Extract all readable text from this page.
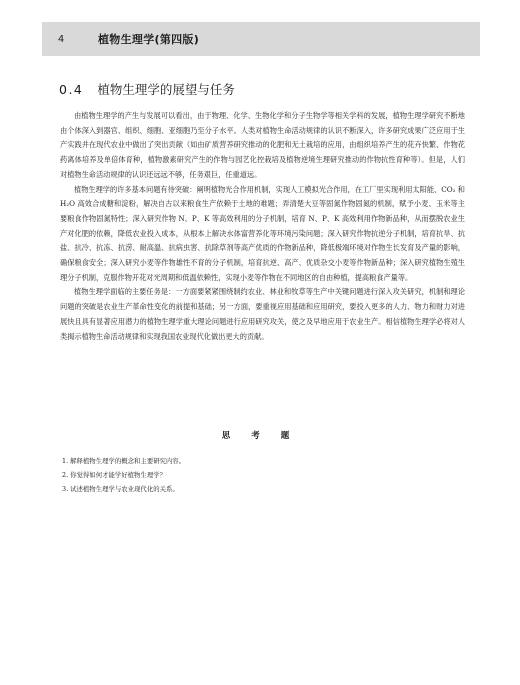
4	植物生理学(第四版)
0.4 植物生理学的展望与任务

由植物生理学的产生与发展可以看出，由于物理、化学、生物化学和分子生物学等相关学科的发展，植物生理学研究不断地由个体深入到器官、组织、细胞、亚细胞乃至分子水平。人类对植物生命活动规律的认识不断深入，许多研究成果广泛应用于生产实践并在现代农业中做出了突出贡献（如由矿质营养研究推动的化肥和无土栽培的应用，由组织培养产生的花卉快繁、作物花药离体培养及单倍体育种，植物激素研究产生的作物与园艺化控栽培及植物逆境生理研究推动的作物抗性育种等）。但是，人们对植物生命活动规律的认识还远远不够，任务艰巨，任重道远。

植物生理学的许多基本问题有待突破：阐明植物光合作用机制，实现人工模拟光合作用，在工厂里实现利用太阳能、CO₂ 和 H₂O 高效合成糖和淀粉，解决自古以来粮食生产依赖于土地的难题；弄清楚大豆等固氮作物固氮的机制，赋予小麦、玉米等主要粮食作物固氮特性；深入研究作物 N、P、K 等高效利用的分子机制，培育 N、P、K 高效利用作物新品种，从而摆脱农业生产对化肥的依赖，降低农业投入成本，从根本上解决水体富营养化等环境污染问题；深入研究作物抗逆分子机制，培育抗旱、抗盐、抗冷、抗冻、抗涝、耐高温、抗病虫害、抗除草剂等高产优质的作物新品种，降低极端环境对作物生长发育及产量的影响，确保粮食安全；深入研究小麦等作物雄性不育的分子机制，培育抗逆、高产、优质杂交小麦等作物新品种；深入研究植物生殖生理分子机制，克服作物开花对光周期和低温依赖性，实现小麦等作物在不同地区的自由种植，提高粮食产量等。

植物生理学面临的主要任务是：一方面要紧紧围绕制约农业、林业和牧草等生产中关键问题进行深入攻关研究，机制和理论问题的突破是农业生产革命性变化的前提和基础；另一方面，要重视应用基础和应用研究，要投入更多的人力、物力和财力对进展快且具有显著应用潜力的植物生理学重大理论问题进行应用研究攻关，使之及早地应用于农业生产。相信植物生理学必将对人类揭示植物生命活动规律和实现我国农业现代化做出更大的贡献。

思 考 题
1. 解释植物生理学的概念和主要研究内容。
2. 你觉得如何才能学好植物生理学？
3. 试述植物生理学与农业现代化的关系。
